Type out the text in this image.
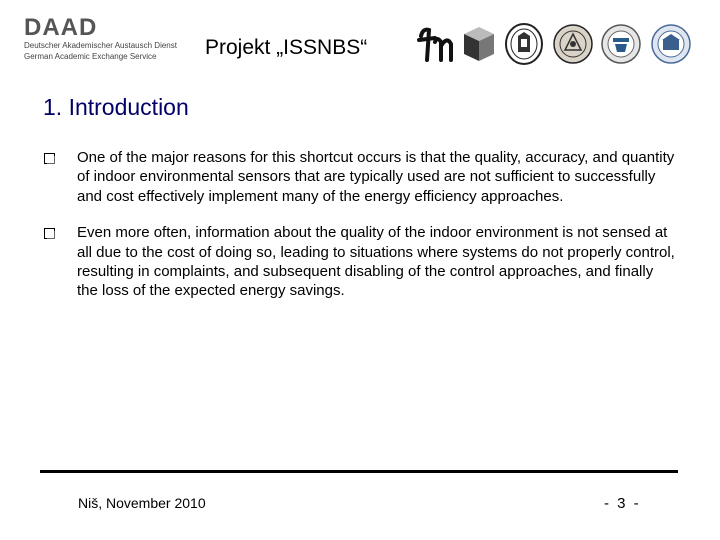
DAAD
Deutscher Akademischer Austausch Dienst
German Academic Exchange Service	Projekt „ISSNBS“
1. Introduction
One of the major reasons for this shortcut occurs is that the quality, accuracy, and quantity of indoor environmental sensors that are typically used are not sufficient to successfully and cost effectively implement many of the energy efficiency approaches.
Even more often, information about the quality of the indoor environment is not sensed at all due to the cost of doing so, leading to situations where systems do not properly control, resulting in complaints, and subsequent disabling of the control approaches, and finally the loss of the expected energy savings.
Niš, November 2010	- 3 -
